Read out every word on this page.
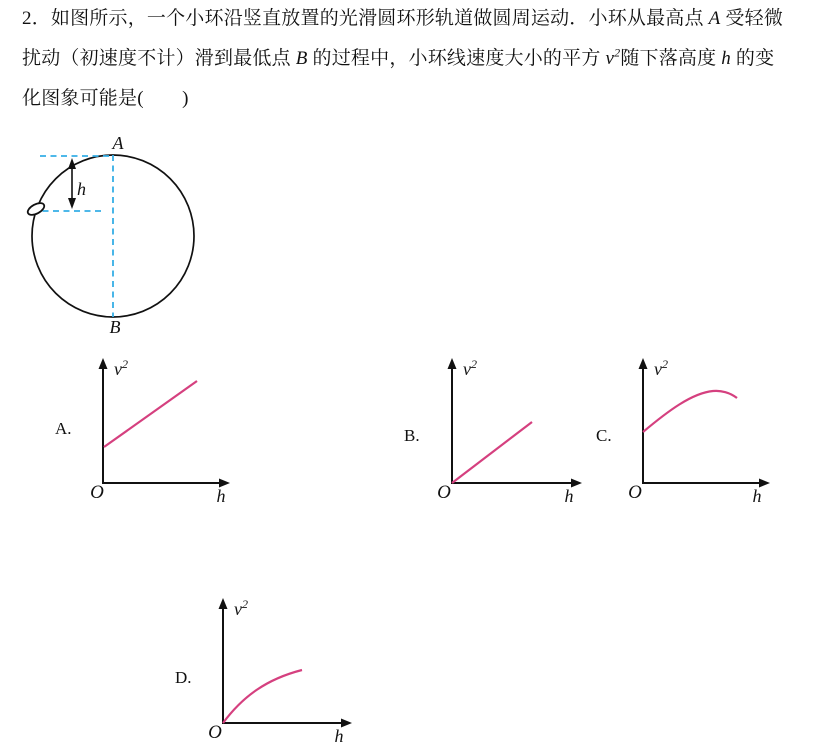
2．如图所示，一个小环沿竖直放置的光滑圆环形轨道做圆周运动．小环从最高点 A 受轻微
扰动（初速度不计）滑到最低点 B 的过程中，小环线速度大小的平方 $v^2$随下落高度 h 的变
化图象可能是(　　)
A
B
h
A.
$v^2$
O	h
B.
$v^2$
O	h
C.
$v^2$
O	h
D.
$v^2$
O	h
